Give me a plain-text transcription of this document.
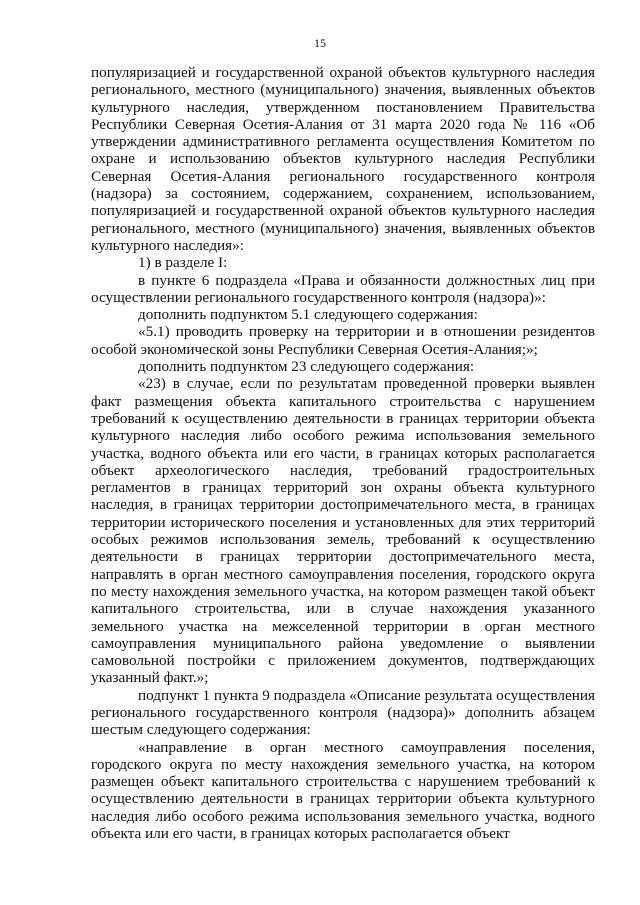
15

популяризацией и государственной охраной объектов культурного наследия регионального, местного (муниципального) значения, выявленных объектов культурного наследия, утвержденном постановлением Правительства Республики Северная Осетия-Алания от 31 марта 2020 года № 116 «Об утверждении административного регламента осуществления Комитетом по охране и использованию объектов культурного наследия Республики Северная Осетия-Алания регионального государственного контроля (надзора) за состоянием, содержанием, сохранением, использованием, популяризацией и государственной охраной объектов культурного наследия регионального, местного (муниципального) значения, выявленных объектов культурного наследия»:

1) в разделе I:

в пункте 6 подраздела «Права и обязанности должностных лиц при осуществлении регионального государственного контроля (надзора)»:

дополнить подпунктом 5.1 следующего содержания:

«5.1) проводить проверку на территории и в отношении резидентов особой экономической зоны Республики Северная Осетия-Алания;»;

дополнить подпунктом 23 следующего содержания:

«23) в случае, если по результатам проведенной проверки выявлен факт размещения объекта капитального строительства с нарушением требований к осуществлению деятельности в границах территории объекта культурного наследия либо особого режима использования земельного участка, водного объекта или его части, в границах которых располагается объект археологического наследия, требований градостроительных регламентов в границах территорий зон охраны объекта культурного наследия, в границах территории достопримечательного места, в границах территории исторического поселения и установленных для этих территорий особых режимов использования земель, требований к осуществлению деятельности в границах территории достопримечательного места, направлять в орган местного самоуправления поселения, городского округа по месту нахождения земельного участка, на котором размещен такой объект капитального строительства, или в случае нахождения указанного земельного участка на межселенной территории в орган местного самоуправления муниципального района уведомление о выявлении самовольной постройки с приложением документов, подтверждающих указанный факт.»;

подпункт 1 пункта 9 подраздела «Описание результата осуществления регионального государственного контроля (надзора)» дополнить абзацем шестым следующего содержания:

«направление в орган местного самоуправления поселения, городского округа по месту нахождения земельного участка, на котором размещен объект капитального строительства с нарушением требований к осуществлению деятельности в границах территории объекта культурного наследия либо особого режима использования земельного участка, водного объекта или его части, в границах которых располагается объект
